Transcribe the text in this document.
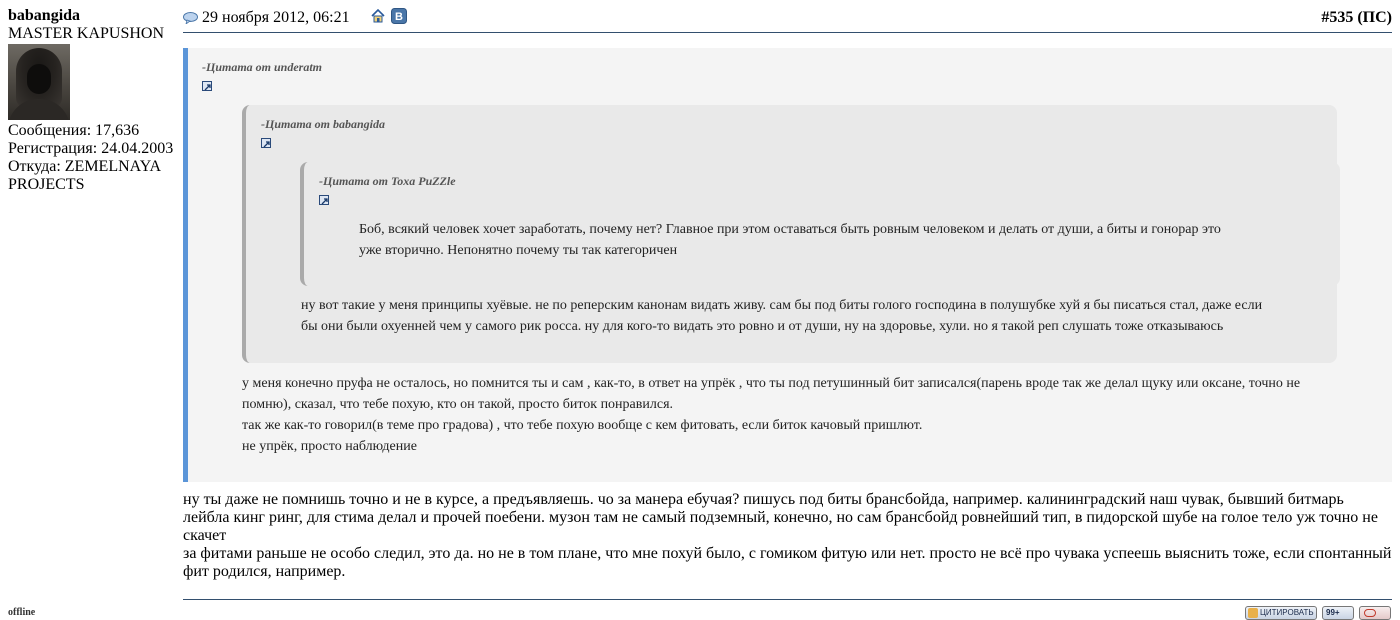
babangida
MASTER KAPUSHON
Сообщения: 17,636
Регистрация: 24.04.2003
Откуда: ZEMELNAYA PROJECTS
offline
29 ноября 2012, 06:21	B	#535 (ПС)
-Цитата от underatm
-Цитата от babangida
-Цитата от Toxa PuZZle
Боб, всякий человек хочет заработать, почему нет? Главное при этом оставаться быть ровным человеком и делать от души, а биты и гонорар это
уже вторично. Непонятно почему ты так категоричен
ну вот такие у меня принципы хуёвые. не по реперским канонам видать живу. сам бы под биты голого господина в полушубке хуй я бы писаться стал, даже если
бы они были охуенней чем у самого рик росса. ну для кого-то видать это ровно и от души, ну на здоровье, хули. но я такой реп слушать тоже отказываюсь
у меня конечно пруфа не осталось, но помнится ты и сам , как-то, в ответ на упрёк , что ты под петушинный бит записался(парень вроде так же делал щуку или оксане, точно не
помню), сказал, что тебе похую, кто он такой, просто биток понравился.
так же как-то говорил(в теме про градова) , что тебе похую вообще с кем фитовать, если биток качовый пришлют.
не упрёк, просто наблюдение
ну ты даже не помнишь точно и не в курсе, а предъявляешь. чо за манера ебучая? пишусь под биты брансбойда, например. калининградский наш чувак, бывший битмарь
лейбла кинг ринг, для стима делал и прочей поебени. музон там не самый подземный, конечно, но сам брансбойд ровнейший тип, в пидорской шубе на голое тело уж точно не
скачет
за фитами раньше не особо следил, это да. но не в том плане, что мне похуй было, с гомиком фитую или нет. просто не всё про чувака успеешь выяснить тоже, если спонтанный
фит родился, например.
ЦИТИРОВАТЬ 99+
